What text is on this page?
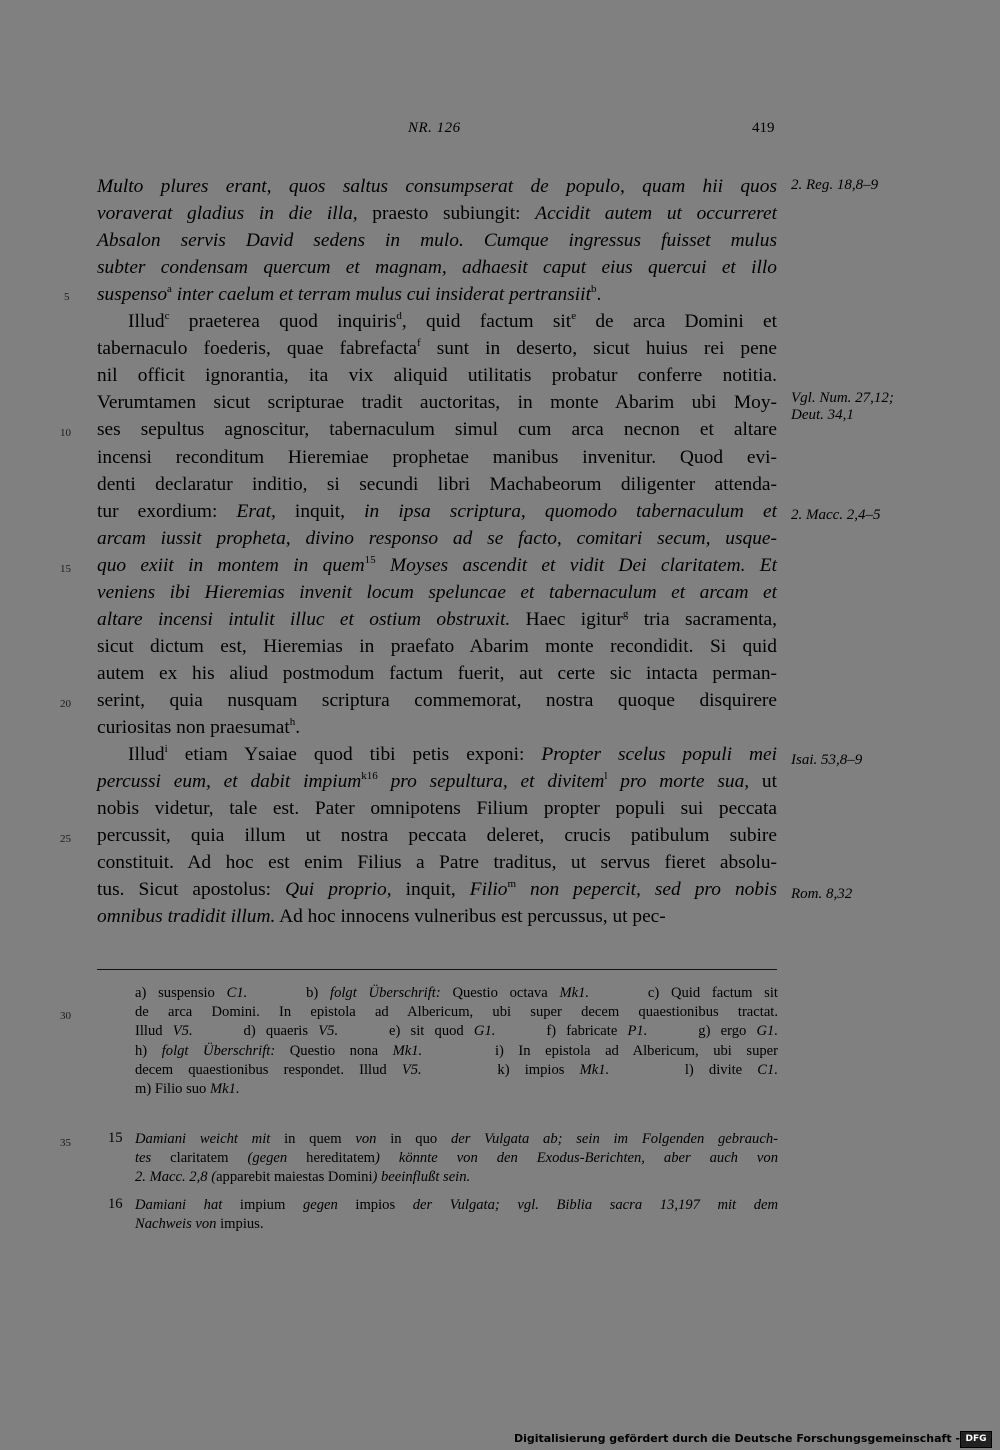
NR. 126	419
Multo plures erant, quos saltus consumpserat de populo, quam hii quos
voraverat gladius in die illa, praesto subiungit: Accidit autem ut occurreret
Absalon servis David sedens in mulo. Cumque ingressus fuisset mulus
subter condensam quercum et magnam, adhaesit caput eius quercui et illo
suspenso$^a$ inter caelum et terram mulus cui insiderat pertransiit$^b$.
Illud$^c$ praeterea quod inquiris$^d$, quid factum sit$^e$ de arca Domini et
tabernaculo foederis, quae fabrefacta$^f$ sunt in deserto, sicut huius rei pene
nil officit ignorantia, ita vix aliquid utilitatis probatur conferre notitia.
Verumtamen sicut scripturae tradit auctoritas, in monte Abarim ubi Moy-
ses sepultus agnoscitur, tabernaculum simul cum arca necnon et altare
incensi reconditum Hieremiae prophetae manibus invenitur. Quod evi-
denti declaratur inditio, si secundi libri Machabeorum diligenter attenda-
tur exordium: Erat, inquit, in ipsa scriptura, quomodo tabernaculum et
arcam iussit propheta, divino responso ad se facto, comitari secum, usque-
quo exiit in montem in quem$^{15}$ Moyses ascendit et vidit Dei claritatem. Et
veniens ibi Hieremias invenit locum speluncae et tabernaculum et arcam et
altare incensi intulit illuc et ostium obstruxit. Haec igitur$^g$ tria sacramenta,
sicut dictum est, Hieremias in praefato Abarim monte recondidit. Si quid
autem ex his aliud postmodum factum fuerit, aut certe sic intacta perman-
serint, quia nusquam scriptura commemorat, nostra quoque disquirere
curiositas non praesumat$^h$.
Illud$^i$ etiam Ysaiae quod tibi petis exponi: Propter scelus populi mei
percussi eum, et dabit impium$^{k16}$ pro sepultura, et divitem$^l$ pro morte sua, ut
nobis videtur, tale est. Pater omnipotens Filium propter populi sui peccata
percussit, quia illum ut nostra peccata deleret, crucis patibulum subire
constituit. Ad hoc est enim Filius a Patre traditus, ut servus fieret absolu-
tus. Sicut apostolus: Qui proprio, inquit, Filio$^m$ non pepercit, sed pro nobis
omnibus tradidit illum. Ad hoc innocens vulneribus est percussus, ut pec-
5
10
15
20
25
30
35
2. Reg. 18,8–9
Vgl. Num. 27,12;
Deut. 34,1
2. Macc. 2,4–5
Isai. 53,8–9
Rom. 8,32
a) suspensio C1.     b) folgt Überschrift: Questio octava Mk1.     c) Quid factum sit
de arca Domini. In epistola ad Albericum, ubi super decem quaestionibus tractat.
Illud V5.     d) quaeris V5.     e) sit quod G1.     f) fabricate P1.     g) ergo G1.
h) folgt Überschrift: Questio nona Mk1.     i) In epistola ad Albericum, ubi super
decem quaestionibus respondet. Illud V5.     k) impios Mk1.     l) divite C1.
m) Filio suo Mk1.
15 Damiani weicht mit in quem von in quo der Vulgata ab; sein im Folgenden gebrauch-
tes claritatem (gegen hereditatem) könnte von den Exodus-Berichten, aber auch von
2. Macc. 2,8 (apparebit maiestas Domini) beeinflußt sein.
16 Damiani hat impium gegen impios der Vulgata; vgl. Biblia sacra 13,197 mit dem
Nachweis von impius.
Digitalisierung gefördert durch die Deutsche Forschungsgemeinschaft - DFG
